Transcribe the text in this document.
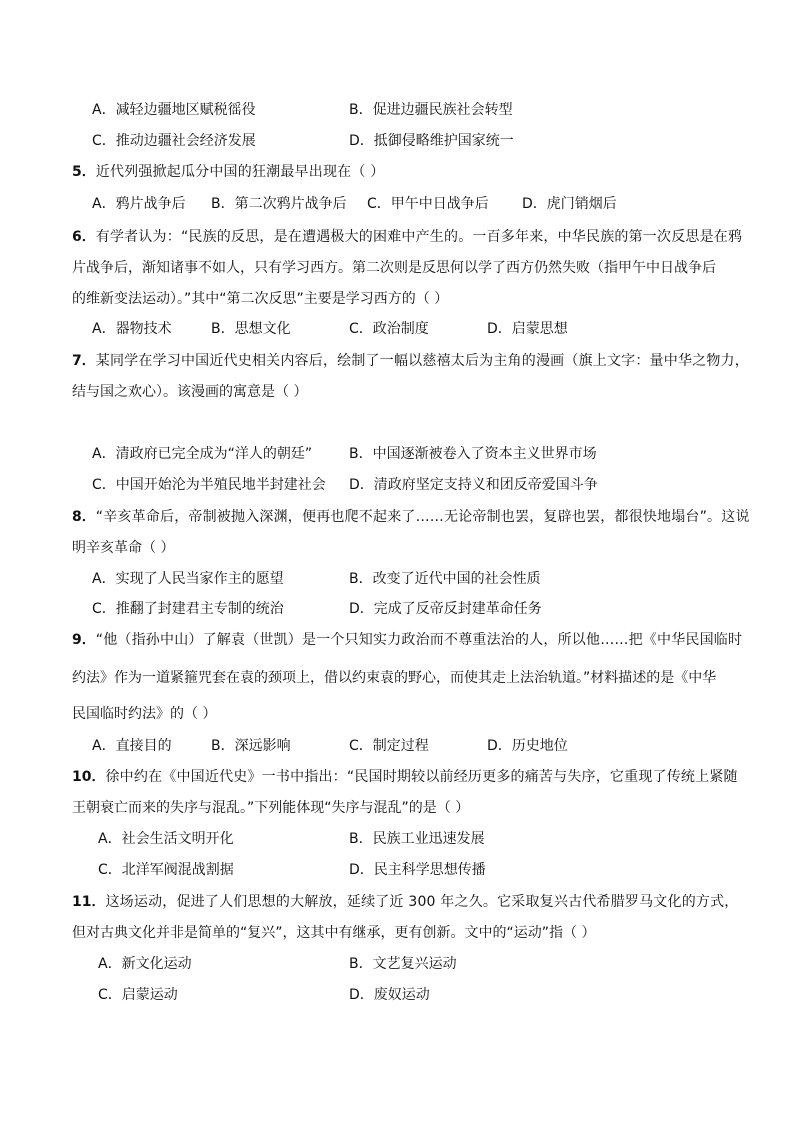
A．减轻边疆地区赋税徭役	B．促进边疆民族社会转型
C．推动边疆社会经济发展	D．抵御侵略维护国家统一
5．近代列强掀起瓜分中国的狂潮最早出现在（ ）
A．鸦片战争后 B．第二次鸦片战争后 C．甲午中日战争后 D．虎门销烟后
6．有学者认为：“民族的反思，是在遭遇极大的困难中产生的。一百多年来，中华民族的第一次反思是在鸦
片战争后，渐知诸事不如人，只有学习西方。第二次则是反思何以学了西方仍然失败（指甲午中日战争后
的维新变法运动）。”其中“第二次反思”主要是学习西方的（ ）
A．器物技术	B．思想文化	C．政治制度	D．启蒙思想
7．某同学在学习中国近代史相关内容后，绘制了一幅以慈禧太后为主角的漫画（旗上文字：量中华之物力，
结与国之欢心）。该漫画的寓意是（ ）
A．清政府已完全成为“洋人的朝廷”	B．中国逐渐被卷入了资本主义世界市场
C．中国开始沦为半殖民地半封建社会 D．清政府坚定支持义和团反帝爱国斗争
8．“辛亥革命后，帝制被抛入深渊，便再也爬不起来了……无论帝制也罢，复辟也罢，都很快地塌台”。这说
明辛亥革命（ ）
A．实现了人民当家作主的愿望	B．改变了近代中国的社会性质
C．推翻了封建君主专制的统治	D．完成了反帝反封建革命任务
9．“他（指孙中山）了解袁（世凯）是一个只知实力政治而不尊重法治的人，所以他……把《中华民国临时
约法》作为一道紧箍咒套在袁的颈项上，借以约束袁的野心，而使其走上法治轨道。”材料描述的是《中华
民国临时约法》的（ ）
A．直接目的	B．深远影响	C．制定过程	D．历史地位
10．徐中约在《中国近代史》一书中指出：“民国时期较以前经历更多的痛苦与失序，它重现了传统上紧随
王朝衰亡而来的失序与混乱。”下列能体现“失序与混乱”的是（ ）
A．社会生活文明开化	B．民族工业迅速发展
C．北洋军阀混战割据	D．民主科学思想传播
11．这场运动，促进了人们思想的大解放，延续了近 300 年之久。它采取复兴古代希腊罗马文化的方式，
但对古典文化并非是简单的“复兴”，这其中有继承，更有创新。文中的“运动”指（ ）
A．新文化运动	B．文艺复兴运动
C．启蒙运动	D．废奴运动
